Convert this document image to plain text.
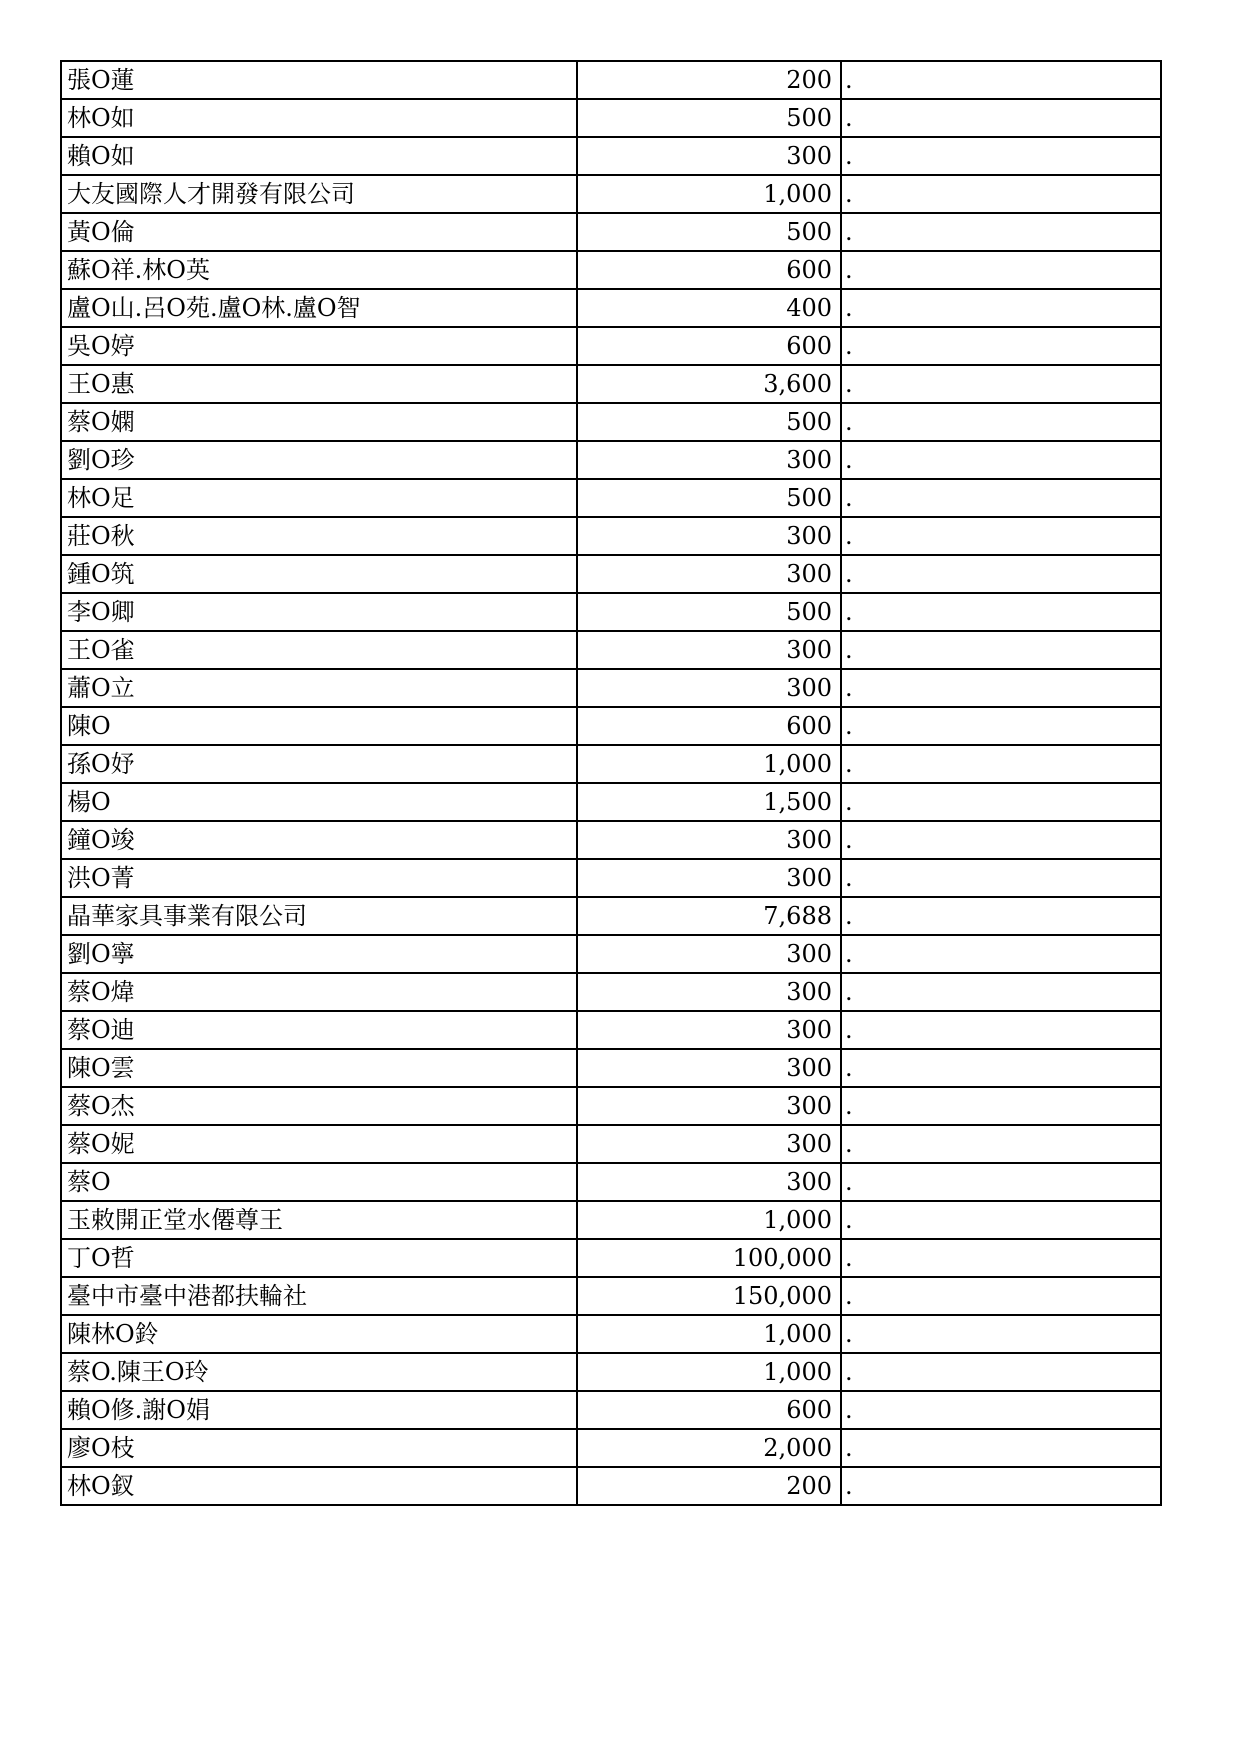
張O蓮	200	.
林O如	500	.
賴O如	300	.
大友國際人才開發有限公司	1,000	.
黃O倫	500	.
蘇O祥.林O英	600	.
盧O山.呂O苑.盧O林.盧O智	400	.
吳O婷	600	.
王O惠	3,600	.
蔡O嫻	500	.
劉O珍	300	.
林O足	500	.
莊O秋	300	.
鍾O筑	300	.
李O卿	500	.
王O雀	300	.
蕭O立	300	.
陳O	600	.
孫O妤	1,000	.
楊O	1,500	.
鐘O竣	300	.
洪O菁	300	.
晶華家具事業有限公司	7,688	.
劉O寧	300	.
蔡O煒	300	.
蔡O迪	300	.
陳O雲	300	.
蔡O杰	300	.
蔡O妮	300	.
蔡O	300	.
玉敕開正堂水僊尊王	1,000	.
丁O哲	100,000	.
臺中市臺中港都扶輪社	150,000	.
陳林O鈴	1,000	.
蔡O.陳王O玲	1,000	.
賴O修.謝O娟	600	.
廖O枝	2,000	.
林O釵	200	.
